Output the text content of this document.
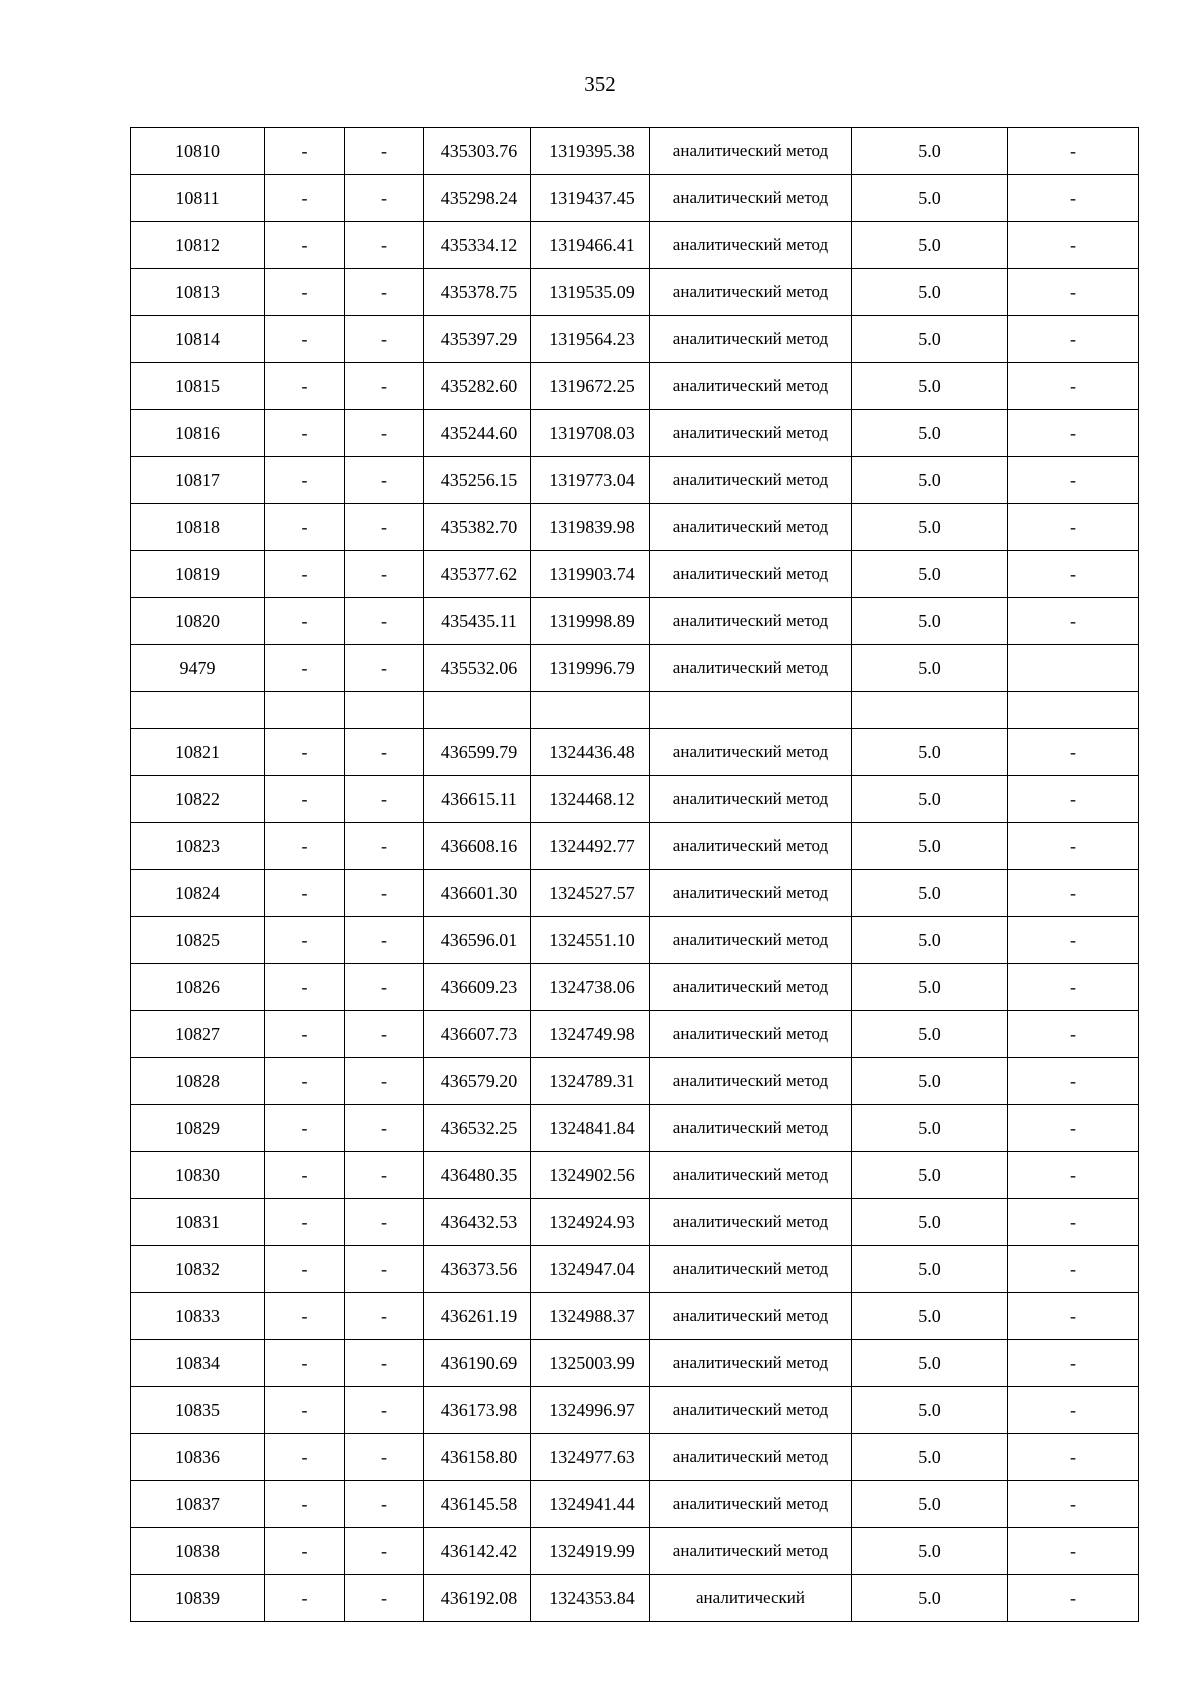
352
10810	-	-	435303.76	1319395.38	аналитический метод	5.0	-
10811	-	-	435298.24	1319437.45	аналитический метод	5.0	-
10812	-	-	435334.12	1319466.41	аналитический метод	5.0	-
10813	-	-	435378.75	1319535.09	аналитический метод	5.0	-
10814	-	-	435397.29	1319564.23	аналитический метод	5.0	-
10815	-	-	435282.60	1319672.25	аналитический метод	5.0	-
10816	-	-	435244.60	1319708.03	аналитический метод	5.0	-
10817	-	-	435256.15	1319773.04	аналитический метод	5.0	-
10818	-	-	435382.70	1319839.98	аналитический метод	5.0	-
10819	-	-	435377.62	1319903.74	аналитический метод	5.0	-
10820	-	-	435435.11	1319998.89	аналитический метод	5.0	-
9479	-	-	435532.06	1319996.79	аналитический метод	5.0	

10821	-	-	436599.79	1324436.48	аналитический метод	5.0	-
10822	-	-	436615.11	1324468.12	аналитический метод	5.0	-
10823	-	-	436608.16	1324492.77	аналитический метод	5.0	-
10824	-	-	436601.30	1324527.57	аналитический метод	5.0	-
10825	-	-	436596.01	1324551.10	аналитический метод	5.0	-
10826	-	-	436609.23	1324738.06	аналитический метод	5.0	-
10827	-	-	436607.73	1324749.98	аналитический метод	5.0	-
10828	-	-	436579.20	1324789.31	аналитический метод	5.0	-
10829	-	-	436532.25	1324841.84	аналитический метод	5.0	-
10830	-	-	436480.35	1324902.56	аналитический метод	5.0	-
10831	-	-	436432.53	1324924.93	аналитический метод	5.0	-
10832	-	-	436373.56	1324947.04	аналитический метод	5.0	-
10833	-	-	436261.19	1324988.37	аналитический метод	5.0	-
10834	-	-	436190.69	1325003.99	аналитический метод	5.0	-
10835	-	-	436173.98	1324996.97	аналитический метод	5.0	-
10836	-	-	436158.80	1324977.63	аналитический метод	5.0	-
10837	-	-	436145.58	1324941.44	аналитический метод	5.0	-
10838	-	-	436142.42	1324919.99	аналитический метод	5.0	-
10839	-	-	436192.08	1324353.84	аналитический	5.0	-
